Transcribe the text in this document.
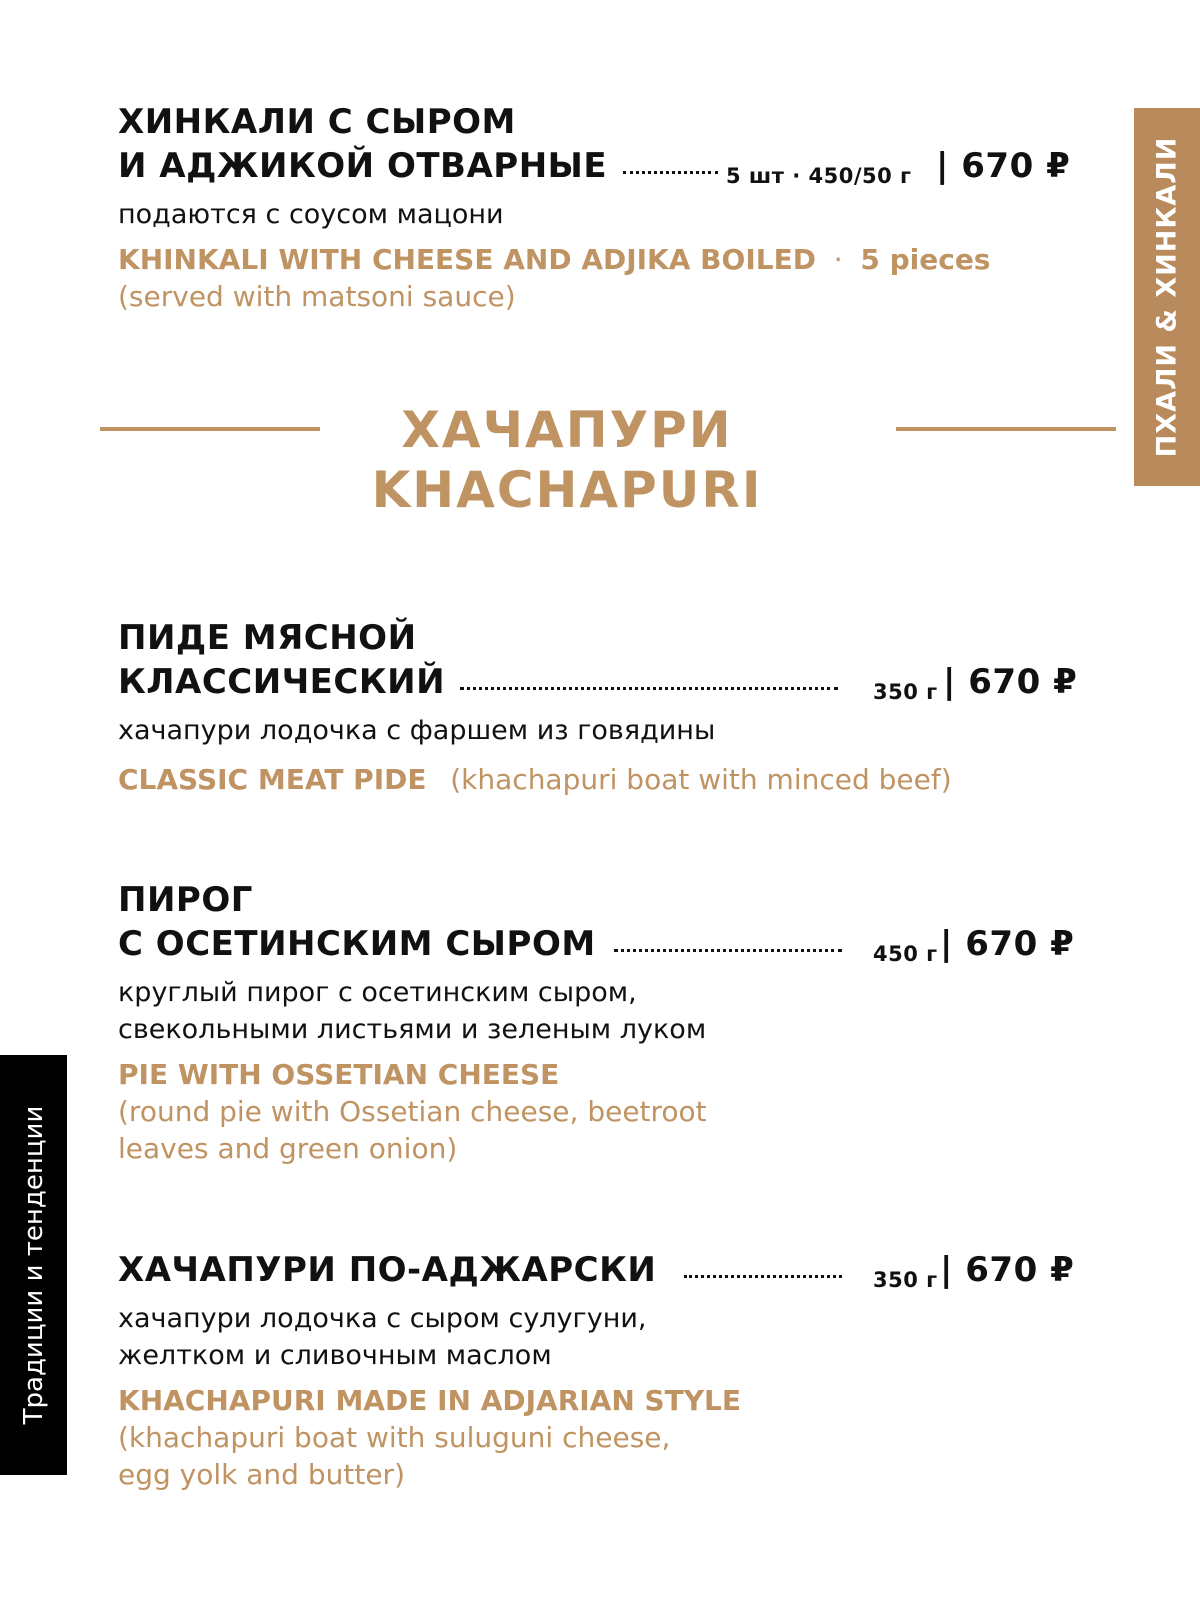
ПХАЛИ & ХИНКАЛИ
Традиции и тенденции
ХИНКАЛИ С СЫРОМ
И АДЖИКОЙ ОТВАРНЫЕ	5 шт · 450/50 г | 670 ₽
подаются с соусом мацони
KHINKALI WITH CHEESE AND ADJIKA BOILED · 5 pieces
(served with matsoni sauce)
ХАЧАПУРИ
KHACHAPURI
ПИДЕ МЯСНОЙ
КЛАССИЧЕСКИЙ	350 г | 670 ₽
хачапури лодочка с фаршем из говядины
CLASSIC MEAT PIDE (khachapuri boat with minced beef)
ПИРОГ
С ОСЕТИНСКИМ СЫРОМ	450 г | 670 ₽
круглый пирог с осетинским сыром,
свекольными листьями и зеленым луком
PIE WITH OSSETIAN CHEESE
(round pie with Ossetian cheese, beetroot
leaves and green onion)
ХАЧАПУРИ ПО-АДЖАРСКИ	350 г | 670 ₽
хачапури лодочка с сыром сулугуни,
желтком и сливочным маслом
KHACHAPURI MADE IN ADJARIAN STYLE
(khachapuri boat with suluguni cheese,
egg yolk and butter)
